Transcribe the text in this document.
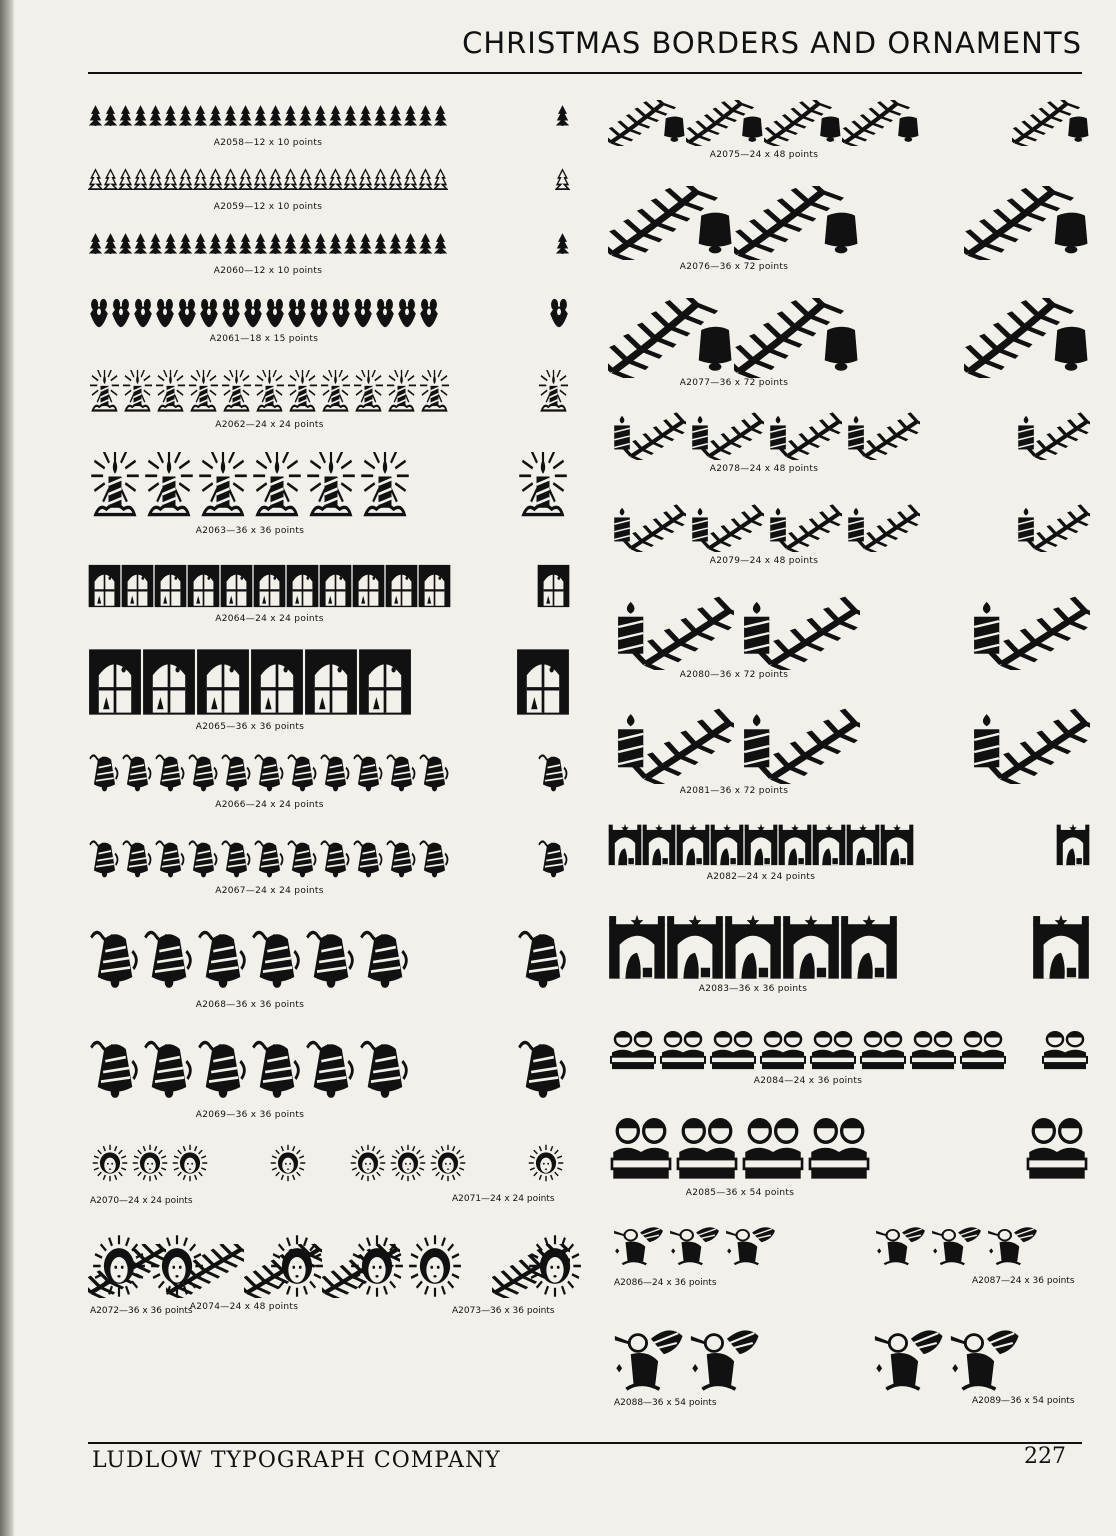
CHRISTMAS BORDERS AND ORNAMENTS
A2058—12 x 10 points
A2059—12 x 10 points
A2060—12 x 10 points
A2061—18 x 15 points
A2062—24 x 24 points
A2063—36 x 36 points
A2064—24 x 24 points
A2065—36 x 36 points
A2066—24 x 24 points
A2067—24 x 24 points
A2068—36 x 36 points
A2069—36 x 36 points
A2074—24 x 48 points
A2070—24 x 24 points	A2071—24 x 24 points
A2072—36 x 36 points	A2073—36 x 36 points
A2075—24 x 48 points
A2076—36 x 72 points
A2077—36 x 72 points
A2078—24 x 48 points
A2079—24 x 48 points
A2080—36 x 72 points
A2081—36 x 72 points
A2082—24 x 24 points
A2083—36 x 36 points
A2084—24 x 36 points
A2085—36 x 54 points
A2086—24 x 36 points	A2087—24 x 36 points
A2088—36 x 54 points	A2089—36 x 54 points
LUDLOW TYPOGRAPH COMPANY	227
